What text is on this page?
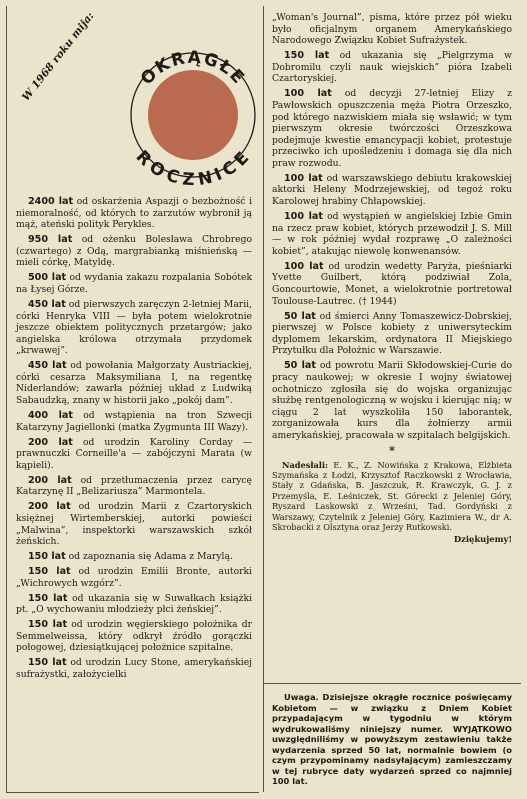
OKRĄGŁE
ROCZNICE
W 1968 roku mija:

2400 lat od oskarżenia Aspazji o bezbożność i niemoralność, od których to zarzutów wybronił ją mąż, ateński polityk Perykles.

950 lat od ożenku Bolesława Chrobrego (czwartego) z Odą, margrabianką miśnieńską — mieli córkę, Matyldę.

500 lat od wydania zakazu rozpalania Sobótek na Łysej Górze.

450 lat od pierwszych zaręczyn 2-letniej Marii, córki Henryka VIII — była potem wielokrotnie jeszcze obiektem politycznych przetargów; jako angielska królowa otrzymała przydomek „krwawej”.

450 lat od powołania Małgorzaty Austriackiej, córki cesarza Maksymiliana I, na regentkę Niderlandów; zawarła później układ z Ludwiką Sabaudzką, znany w historii jako „pokój dam”.

400 lat od wstąpienia na tron Szwecji Katarzyny Jagiellonki (matka Zygmunta III Wazy).

200 lat od urodzin Karoliny Corday — prawnuczki Corneille'a — zabójczyni Marata (w kąpieli).

200 lat od przetłumaczenia przez carycę Katarzynę II „Belizariusza” Marmontela.

200 lat od urodzin Marii z Czartoryskich księżnej Wirtemberskiej, autorki powieści „Malwina”, inspektorki warszawskich szkół żeńskich.

150 lat od zapoznania się Adama z Marylą.

150 lat od urodzin Emilii Bronte, autorki „Wichrowych wzgórz”.

150 lat od ukazania się w Suwałkach książki pt. „O wychowaniu młodzieży płci żeńskiej”.

150 lat od urodzin węgierskiego położnika dr Semmelweissa, który odkrył źródło gorączki połogowej, dziesiątkującej położnice szpitalne.

150 lat od urodzin Lucy Stone, amerykańskiej sufrażystki, założycielki

„Woman's Journal”, pisma, które przez pół wieku było oficjalnym organem Amerykańskiego Narodowego Związku Kobiet Sufrażystek.

150 lat od ukazania się „Pielgrzyma w Dobromilu czyli nauk wiejskich” pióra Izabeli Czartoryskiej.

100 lat od decyzji 27-letniej Elizy z Pawłowskich opuszczenia męża Piotra Orzeszko, pod którego nazwiskiem miała się wsławić; w tym pierwszym okresie twórczości Orzeszkowa podejmuje kwestie emancypacji kobiet, protestuje przeciwko ich upośledzeniu i domaga się dla nich praw rozwodu.

100 lat od warszawskiego debiutu krakowskiej aktorki Heleny Modrzejewskiej, od tegoż roku Karolowej hrabiny Chłapowskiej.

100 lat od wystąpień w angielskiej Izbie Gmin na rzecz praw kobiet, których przewodził J. S. Mill — w rok później wydał rozprawę „O zależności kobiet”, atakując niewolę konwenansów.

100 lat od urodzin wedetty Paryża, pieśniarki Yvette Guilbert, którą podziwiał Zola, Goncourtowie, Monet, a wielokrotnie portretował Toulouse-Lautrec. († 1944)

50 lat od śmierci Anny Tomaszewicz-Dobrskiej, pierwszej w Polsce kobiety z uniwersyteckim dyplomem lekarskim, ordynatora II Miejskiego Przytułku dla Położnic w Warszawie.

50 lat od powrotu Marii Skłodowskiej-Curie do pracy naukowej; w okresie I wojny światowej ochotniczo zgłosiła się do wojska organizując służbę rentgenologiczną w wojsku i kierując nią; w ciągu 2 lat wyszkoliła 150 laborantek, zorganizowała kurs dla żołnierzy armii amerykańskiej, pracowała w szpitalach belgijskich.

*
Nadesłali: E. K., Z. Nowińska z Krakowa, Elżbieta Szymańska z Łodzi, Krzysztof Raczkowski z Wrocławia, Stały z Gdańska, B. Jaszczuk, R. Krawczyk, G. J. z Przemyśla, E. Leśniczek, St. Górecki z Jeleniej Góry, Ryszard Laskowski z Wrześni, Tad. Gordyński z Warszawy, Czytelnik z Jeleniej Góry, Kazimiera W., dr A. Skrobacki z Olsztyna oraz Jerzy Rutkowski.
Dziękujemy!
Uwaga. Dzisiejsze okrągłe rocznice poświęcamy Kobietom — w związku z Dniem Kobiet przypadającym w tygodniu w którym wydrukowaliśmy niniejszy numer. WYJĄTKOWO uwzględniliśmy w powyższym zestawieniu także wydarzenia sprzed 50 lat, normalnie bowiem (o czym przypominamy nadsyłającym) zamieszczamy w tej rubryce daty wydarzeń sprzed co najmniej 100 lat.
